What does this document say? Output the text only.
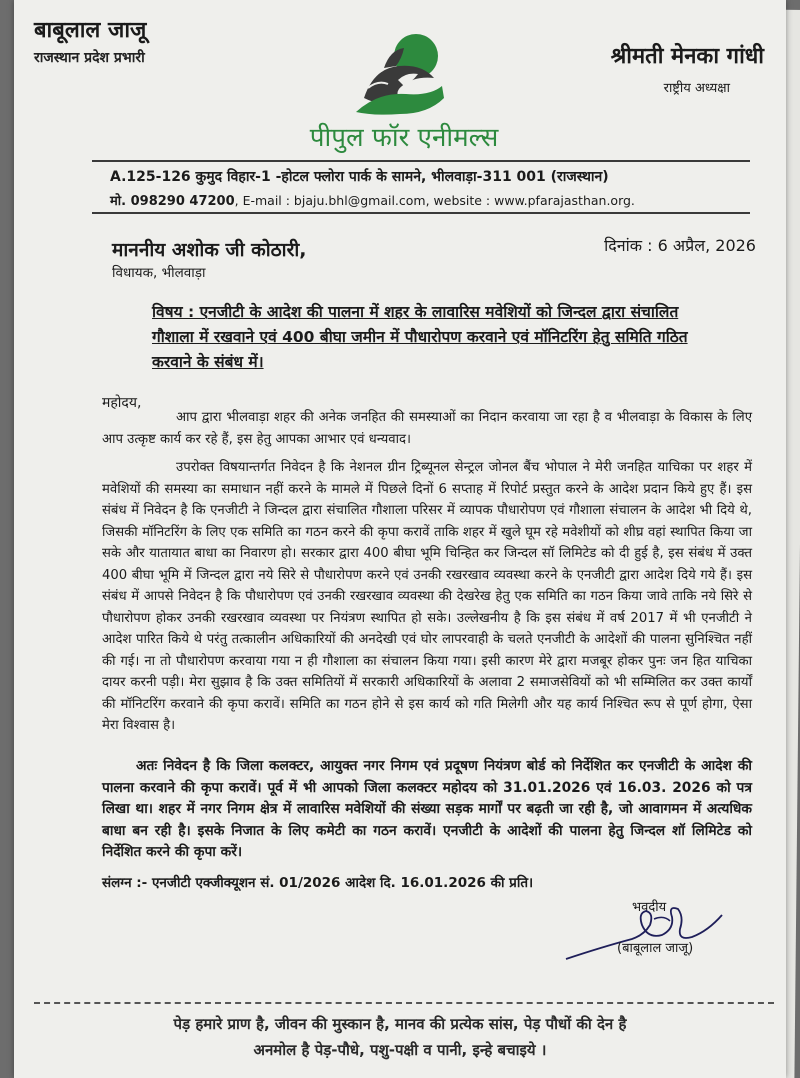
बाबूलाल जाजू
राजस्थान प्रदेश प्रभारी	श्रीमती मेनका गांधी
राष्ट्रीय अध्यक्षा
पीपुल फॉर एनीमल्स
A.125-126 कुमुद विहार-1 -होटल फ्लोरा पार्क के सामने, भीलवाड़ा-311 001 (राजस्थान)
मो. 098290 47200, E-mail : bjaju.bhl@gmail.com, website : www.pfarajasthan.org.
माननीय अशोक जी कोठारी,
विधायक, भीलवाड़ा
दिनांक : 6 अप्रैल, 2026
विषय : एनजीटी के आदेश की पालना में शहर के लावारिस मवेशियों को जिन्दल द्वारा संचालित
गौशाला में रखवाने एवं 400 बीघा जमीन में पौधारोपण करवाने एवं मॉनिटरिंग हेतु समिति गठित
करवाने के संबंध में।
महोदय,
आप द्वारा भीलवाड़ा शहर की अनेक जनहित की समस्याओं का निदान करवाया जा रहा है व भीलवाड़ा के विकास के लिए आप उत्कृष्ट कार्य कर रहे हैं, इस हेतु आपका आभार एवं धन्यवाद।
उपरोक्त विषयान्तर्गत निवेदन है कि नेशनल ग्रीन ट्रिब्यूनल सेन्ट्रल जोनल बैंच भोपाल ने मेरी जनहित याचिका पर शहर में मवेशियों की समस्या का समाधान नहीं करने के मामले में पिछले दिनों 6 सप्ताह में रिपोर्ट प्रस्तुत करने के आदेश प्रदान किये हुए हैं। इस संबंध में निवेदन है कि एनजीटी ने जिन्दल द्वारा संचालित गौशाला परिसर में व्यापक पौधारोपण एवं गौशाला संचालन के आदेश भी दिये थे, जिसकी मॉनिटरिंग के लिए एक समिति का गठन करने की कृपा करावें ताकि शहर में खुले घूम रहे मवेशीयों को शीघ्र वहां स्थापित किया जा सके और यातायात बाधा का निवारण हो। सरकार द्वारा 400 बीघा भूमि चिन्हित कर जिन्दल सॉ लिमिटेड को दी हुई है, इस संबंध में उक्त 400 बीघा भूमि में जिन्दल द्वारा नये सिरे से पौधारोपण करने एवं उनकी रखरखाव व्यवस्था करने के एनजीटी द्वारा आदेश दिये गये हैं। इस संबंध में आपसे निवेदन है कि पौधारोपण एवं उनकी रखरखाव व्यवस्था की देखरेख हेतु एक समिति का गठन किया जावे ताकि नये सिरे से पौधारोपण होकर उनकी रखरखाव व्यवस्था पर नियंत्रण स्थापित हो सके। उल्लेखनीय है कि इस संबंध में वर्ष 2017 में भी एनजीटी ने आदेश पारित किये थे परंतु तत्कालीन अधिकारियों की अनदेखी एवं घोर लापरवाही के चलते एनजीटी के आदेशों की पालना सुनिश्चित नहीं की गई। ना तो पौधारोपण करवाया गया न ही गौशाला का संचालन किया गया। इसी कारण मेरे द्वारा मजबूर होकर पुनः जन हित याचिका दायर करनी पड़ी। मेरा सुझाव है कि उक्त समितियों में सरकारी अधिकारियों के अलावा 2 समाजसेवियों को भी सम्मिलित कर उक्त कार्यों की मॉनिटरिंग करवाने की कृपा करावें। समिति का गठन होने से इस कार्य को गति मिलेगी और यह कार्य निश्चित रूप से पूर्ण होगा, ऐसा मेरा विश्वास है।
अतः निवेदन है कि जिला कलक्टर, आयुक्त नगर निगम एवं प्रदूषण नियंत्रण बोर्ड को निर्देशित कर एनजीटी के आदेश की पालना करवाने की कृपा करावें। पूर्व में भी आपको जिला कलक्टर महोदय को 31.01.2026 एवं 16.03. 2026 को पत्र लिखा था। शहर में नगर निगम क्षेत्र में लावारिस मवेशियों की संख्या सड़क मार्गों पर बढ़ती जा रही है, जो आवागमन में अत्यधिक बाधा बन रही है। इसके निजात के लिए कमेटी का गठन करावें। एनजीटी के आदेशों की पालना हेतु जिन्दल शॉ लिमिटेड को निर्देशित करने की कृपा करें।
संलग्न :- एनजीटी एक्जीक्यूशन सं. 01/2026 आदेश दि. 16.01.2026 की प्रति।
भवदीय
(बाबूलाल जाजू)
पेड़ हमारे प्राण है, जीवन की मुस्कान है, मानव की प्रत्येक सांस, पेड़ पौधों की देन है
अनमोल है पेड़-पौधे, पशु-पक्षी व पानी, इन्हे बचाइये ।
